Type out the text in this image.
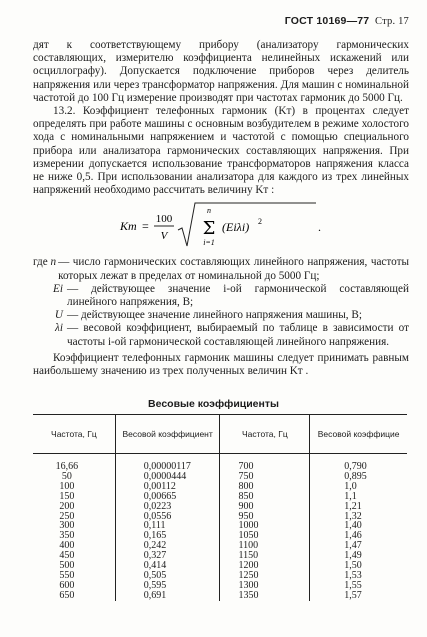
ГОСТ 10169—77 Стр. 17

дят к соответствующему прибору (анализатору гармонических составляющих, измерителю коэффициента нелинейных искажений или осциллографу). Допускается подключение приборов через делитель напряжения или через трансформатор напряжения. Для машин с номинальной частотой до 100 Гц измерение производят при частотах гармоник до 5000 Гц.

13.2. Коэффициент телефонных гармоник (Kт) в процентах следует определять при работе машины с основным возбудителем в режиме холостого хода с номинальными напряжением и частотой с помощью специального прибора или анализатора гармонических составляющих напряжения. При измерении допускается использование трансформаторов напряжения класса не ниже 0,5. При использовании анализатора для каждого из трех линейных напряжений необходимо рассчитать величину Kт :

Kт = 100
V
n
Σ
i=1
(Eiλi) 2	.
где n — число гармонических составляющих линейного напряжения, частоты которых лежат в пределах от номинальной до 5000 Гц;
Ei — действующее значение i-ой гармонической составляющей линейного напряжения, В;
U — действующее значение линейного напряжения машины, В;
λi — весовой коэффициент, выбираемый по таблице в зависимости от частоты i-ой гармонической составляющей линейного напряжения.

Коэффициент телефонных гармоник машины следует принимать равным наибольшему значению из трех полученных величин Kт .

Весовые коэффициенты
Частота, Гц	Весовой коэффициент	Частота, Гц	Весовой коэффицие
16,66	0,00000117	700	0,790
50	0,0000444	750	0,895
100	0,00112	800	1,0
150	0,00665	850	1,1
200	0,0223	900	1,21
250	0,0556	950	1,32
300	0,111	1000	1,40
350	0,165	1050	1,46
400	0,242	1100	1,47
450	0,327	1150	1,49
500	0,414	1200	1,50
550	0,505	1250	1,53
600	0,595	1300	1,55
650	0,691	1350	1,57
